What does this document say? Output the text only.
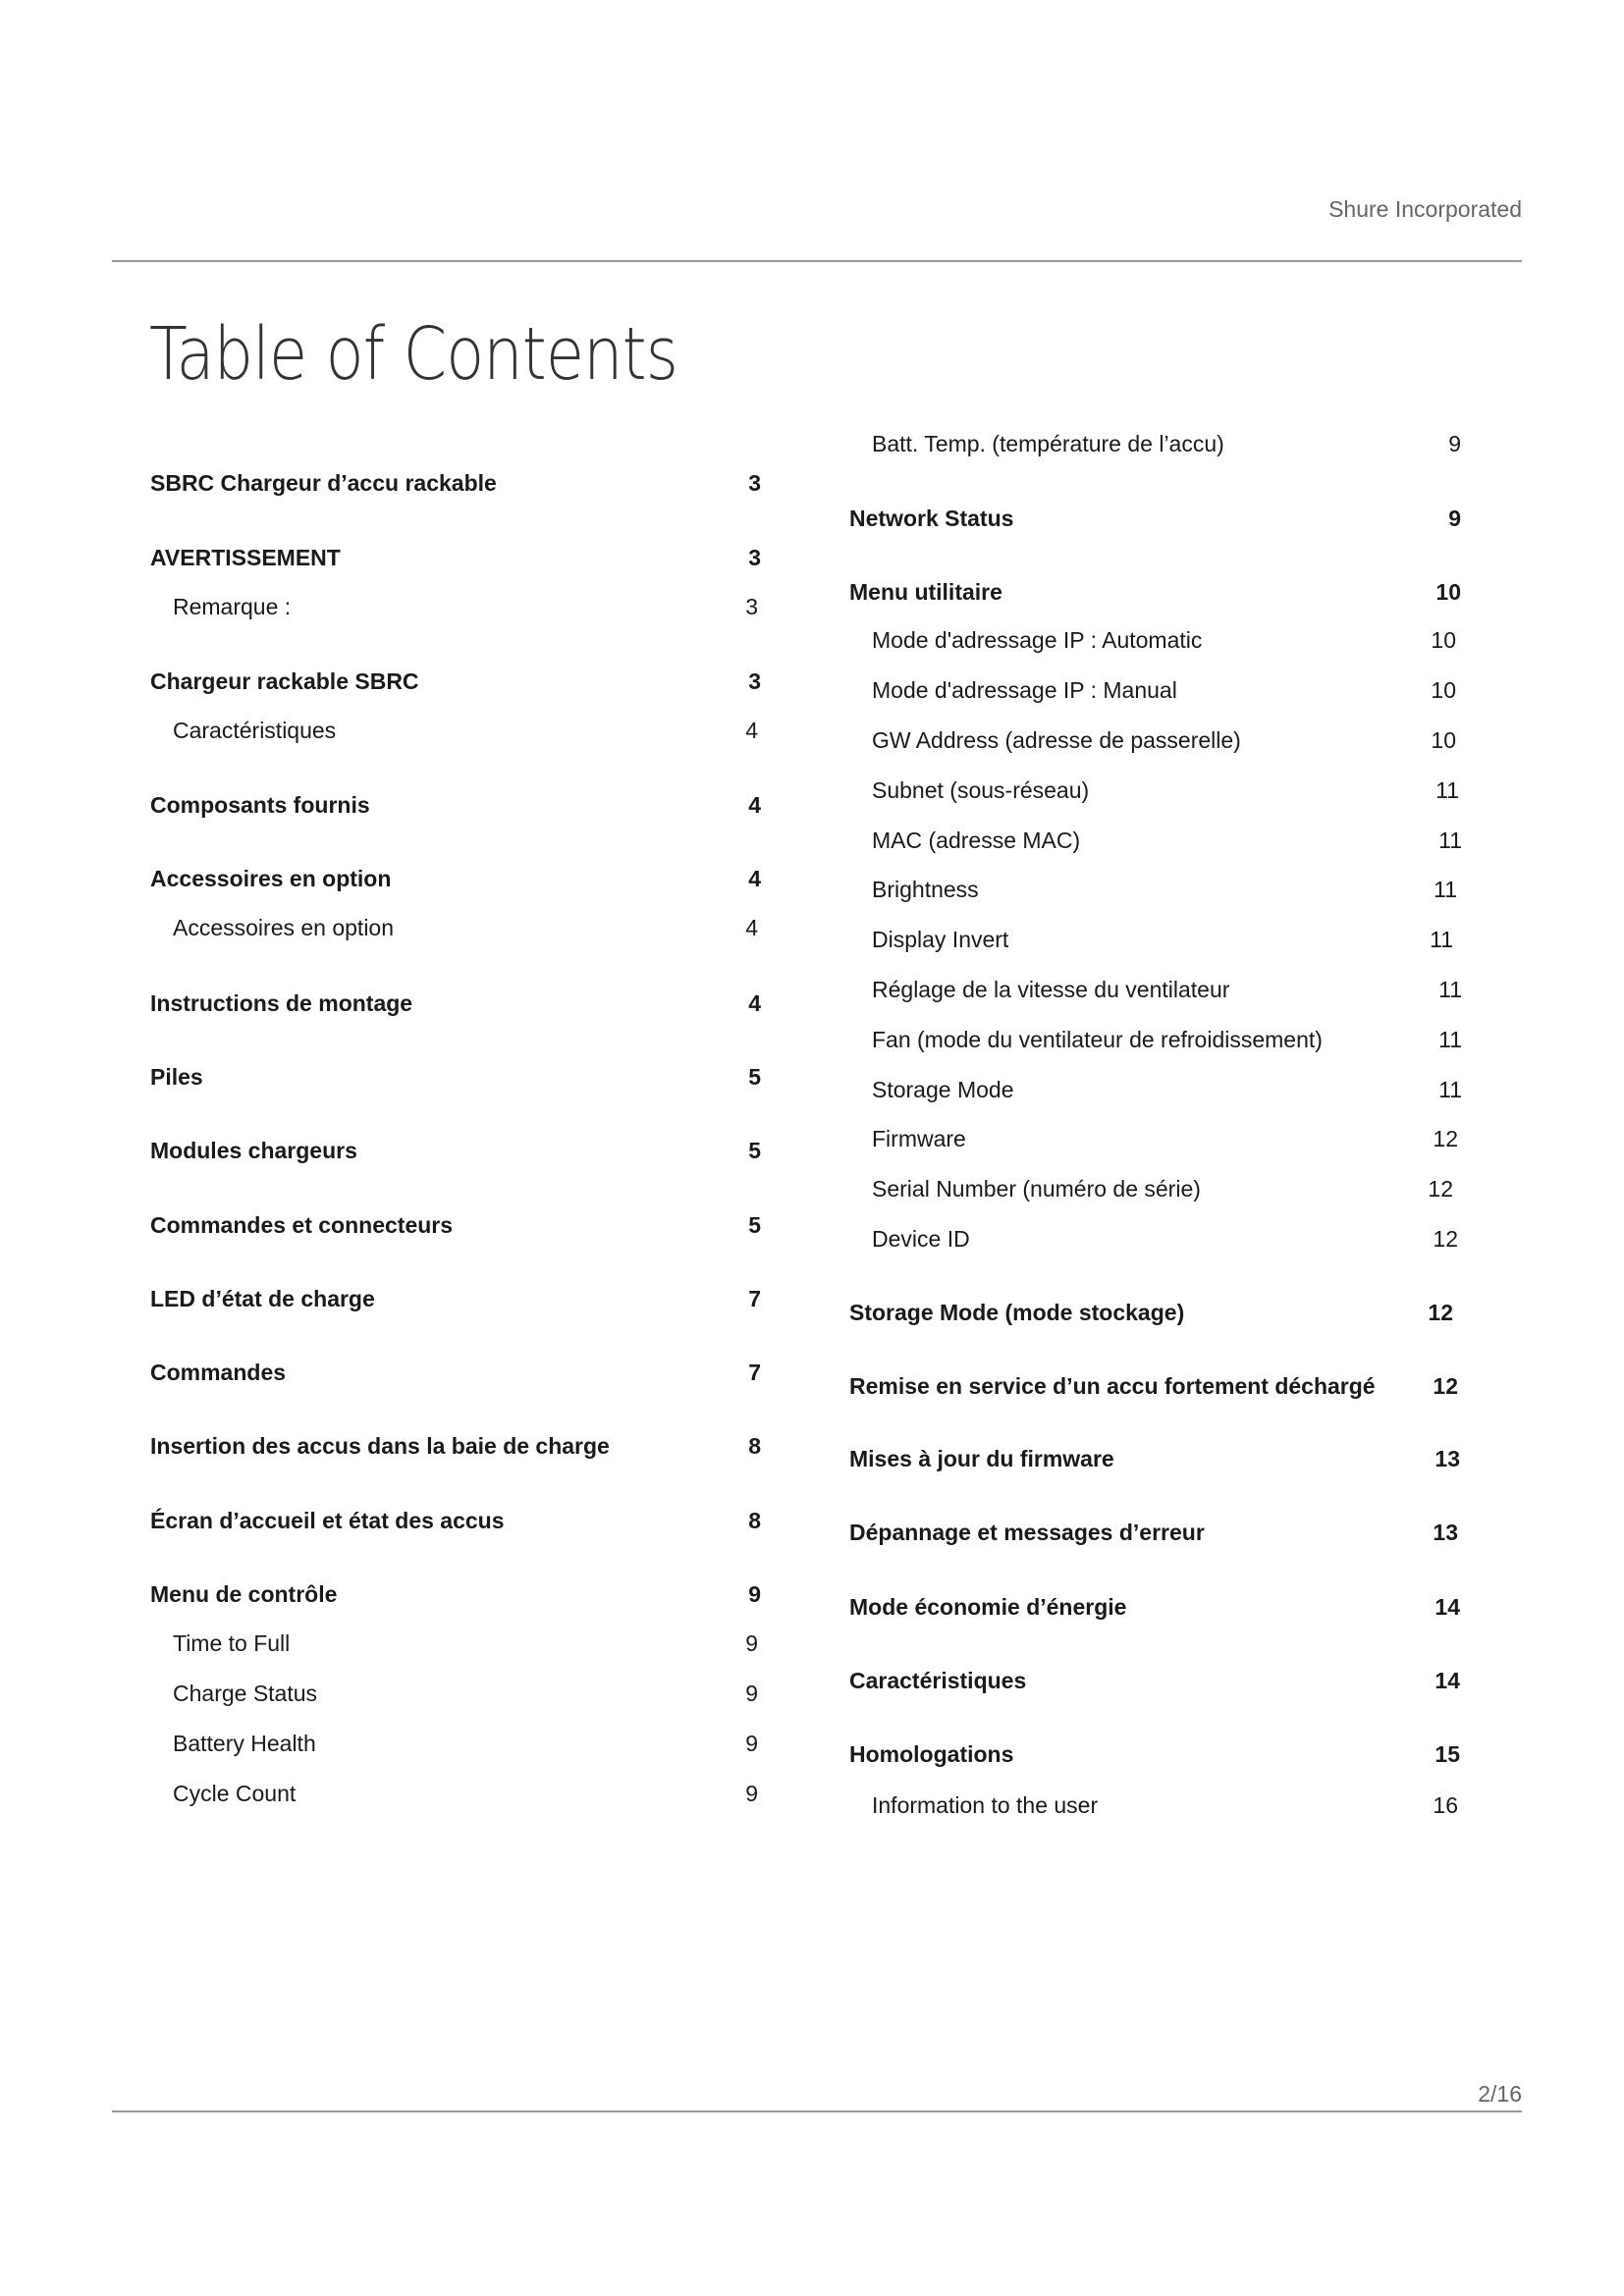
Shure Incorporated
Table of Contents
SBRC Chargeur d’accu rackable	3
AVERTISSEMENT	3
Remarque :	3
Chargeur rackable SBRC	3
Caractéristiques	4
Composants fournis	4
Accessoires en option	4
Accessoires en option	4
Instructions de montage	4
Piles	5
Modules chargeurs	5
Commandes et connecteurs	5
LED d’état de charge	7
Commandes	7
Insertion des accus dans la baie de charge	8
Écran d’accueil et état des accus	8
Menu de contrôle	9
Time to Full	9
Charge Status	9
Battery Health	9
Cycle Count	9
Batt. Temp. (température de l’accu)	9
Network Status	9
Menu utilitaire	10
Mode d'adressage IP : Automatic	10
Mode d'adressage IP : Manual	10
GW Address (adresse de passerelle)	10
Subnet (sous-réseau)	11
MAC (adresse MAC)	11
Brightness	11
Display Invert	11
Réglage de la vitesse du ventilateur	11
Fan (mode du ventilateur de refroidissement)	11
Storage Mode	11
Firmware	12
Serial Number (numéro de série)	12
Device ID	12
Storage Mode (mode stockage)	12
Remise en service d’un accu fortement déchargé	12
Mises à jour du firmware	13
Dépannage et messages d’erreur	13
Mode économie d’énergie	14
Caractéristiques	14
Homologations	15
Information to the user	16
2/16
